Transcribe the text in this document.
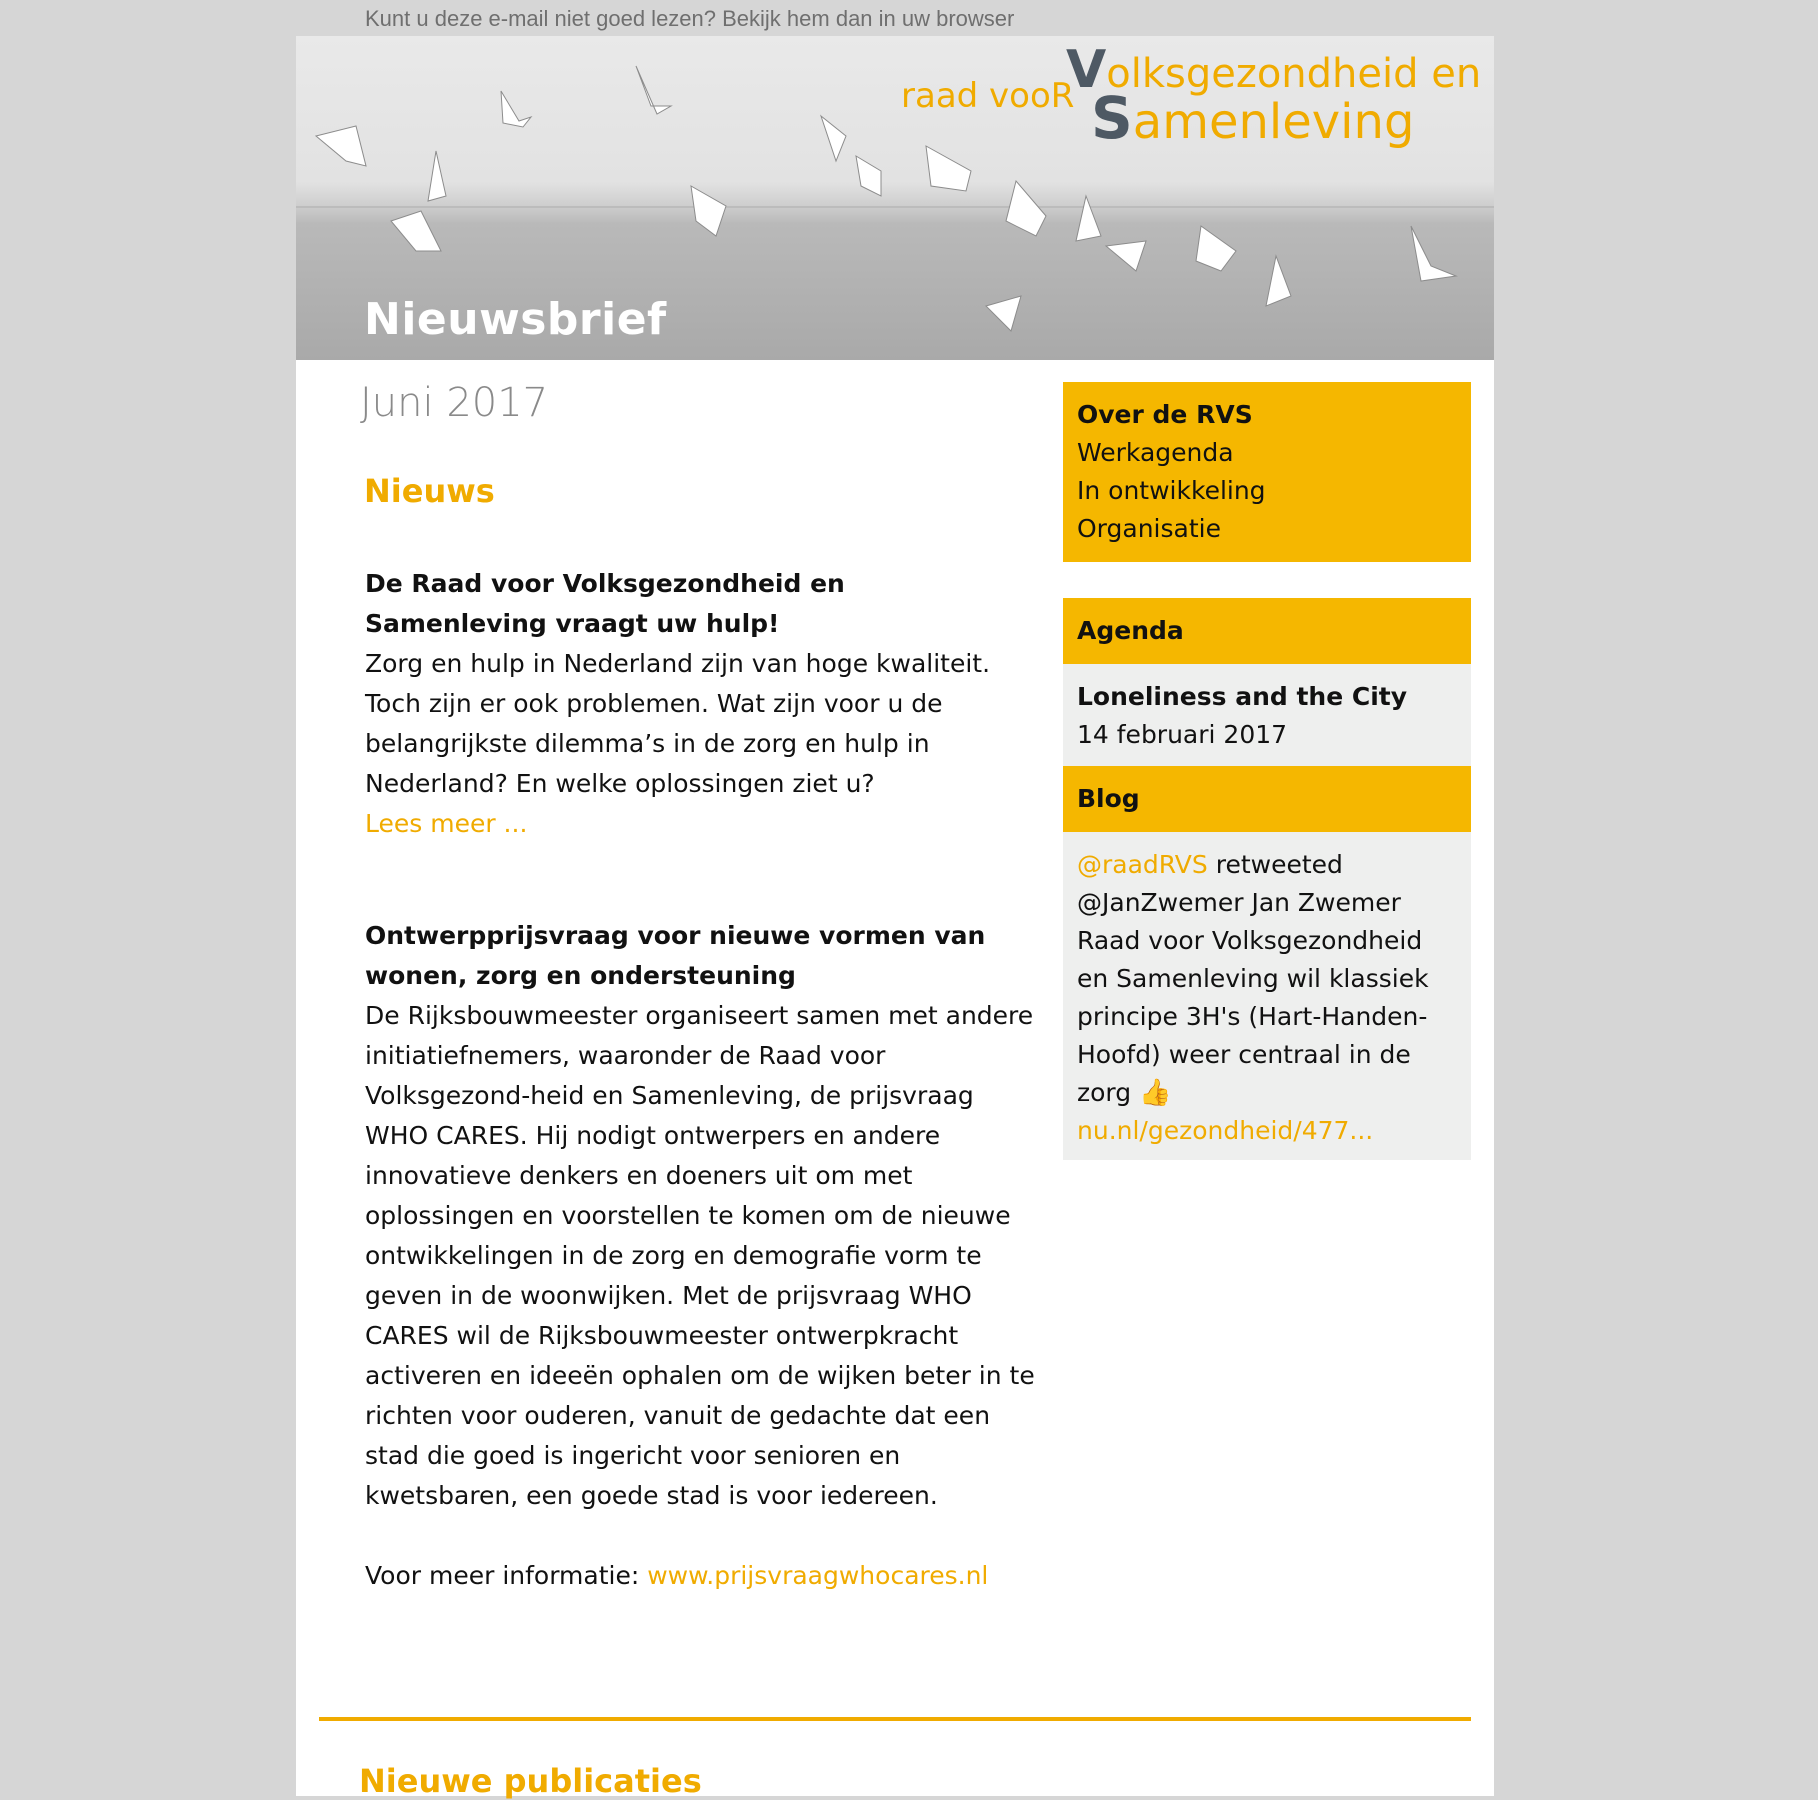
Kunt u deze e-mail niet goed lezen? Bekijk hem dan in uw browser
raad vooR
Volksgezondheid en
Samenleving
Nieuwsbrief
Juni 2017
Nieuws
De Raad voor Volksgezondheid en Samenleving vraagt uw hulp!

Zorg en hulp in Nederland zijn van hoge kwaliteit. Toch zijn er ook problemen. Wat zijn voor u de belangrijkste dilemma’s in de zorg en hulp in Nederland? En welke oplossingen ziet u?

Lees meer ...

Ontwerpprijsvraag voor nieuwe vormen van wonen, zorg en ondersteuning

De Rijksbouwmeester organiseert samen met andere initiatiefnemers, waaronder de Raad voor Volksgezond-heid en Samenleving, de prijsvraag WHO CARES. Hij nodigt ontwerpers en andere innovatieve denkers en doeners uit om met oplossingen en voorstellen te komen om de nieuwe ontwikkelingen in de zorg en demografie vorm te geven in de woonwijken. Met de prijsvraag WHO CARES wil de Rijksbouwmeester ontwerpkracht activeren en ideeën ophalen om de wijken beter in te richten voor ouderen, vanuit de gedachte dat een stad die goed is ingericht voor senioren en kwetsbaren, een goede stad is voor iedereen.

Voor meer informatie: www.prijsvraagwhocares.nl

Nieuwe publicaties
Over de RVS
Werkagenda
In ontwikkeling
Organisatie
Agenda
Loneliness and the City
14 februari 2017
Blog
@raadRVS retweeted @JanZwemer Jan Zwemer Raad voor Volksgezondheid en Samenleving wil klassiek principe 3H's (Hart-Handen-Hoofd) weer centraal in de zorg 👍
nu.nl/gezondheid/477...
